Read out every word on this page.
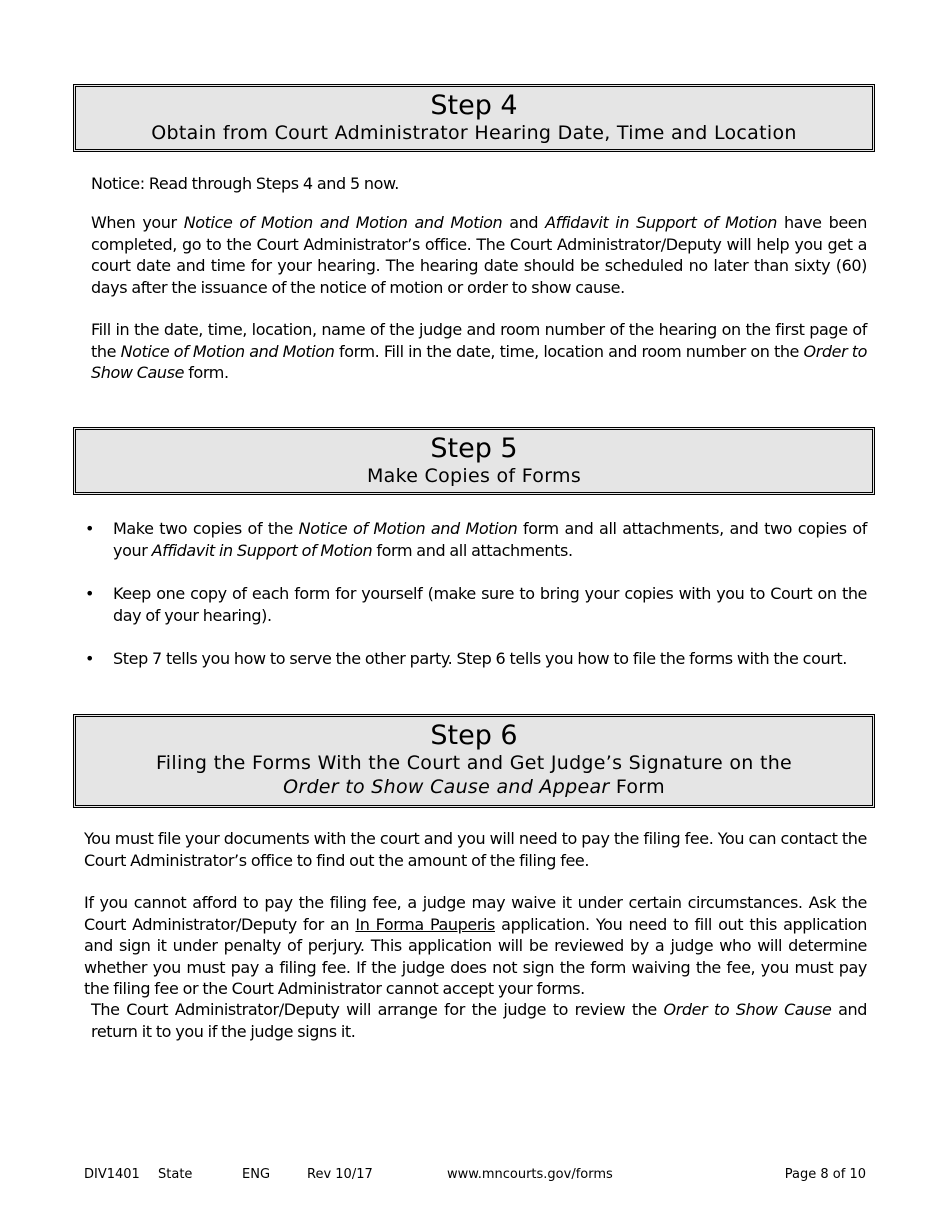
Step 4
Obtain from Court Administrator Hearing Date, Time and Location
Notice: Read through Steps 4 and 5 now.
When your Notice of Motion and Motion and Motion and Affidavit in Support of Motion have been completed, go to the Court Administrator’s office. The Court Administrator/Deputy will help you get a court date and time for your hearing. The hearing date should be scheduled no later than sixty (60) days after the issuance of the notice of motion or order to show cause.
Fill in the date, time, location, name of the judge and room number of the hearing on the first page of the Notice of Motion and Motion form. Fill in the date, time, location and room number on the Order to Show Cause form.
Step 5
Make Copies of Forms
• Make two copies of the Notice of Motion and Motion form and all attachments, and two copies of your Affidavit in Support of Motion form and all attachments.
• Keep one copy of each form for yourself (make sure to bring your copies with you to Court on the day of your hearing).
• Step 7 tells you how to serve the other party. Step 6 tells you how to file the forms with the court.
Step 6
Filing the Forms With the Court and Get Judge’s Signature on the
Order to Show Cause and Appear Form
You must file your documents with the court and you will need to pay the filing fee. You can contact the Court Administrator’s office to find out the amount of the filing fee.
If you cannot afford to pay the filing fee, a judge may waive it under certain circumstances. Ask the Court Administrator/Deputy for an In Forma Pauperis application. You need to fill out this application and sign it under penalty of perjury. This application will be reviewed by a judge who will determine whether you must pay a filing fee. If the judge does not sign the form waiving the fee, you must pay the filing fee or the Court Administrator cannot accept your forms.
The Court Administrator/Deputy will arrange for the judge to review the Order to Show Cause and return it to you if the judge signs it.
DIV1401 State	ENG	Rev 10/17	www.mncourts.gov/forms	Page 8 of 10
